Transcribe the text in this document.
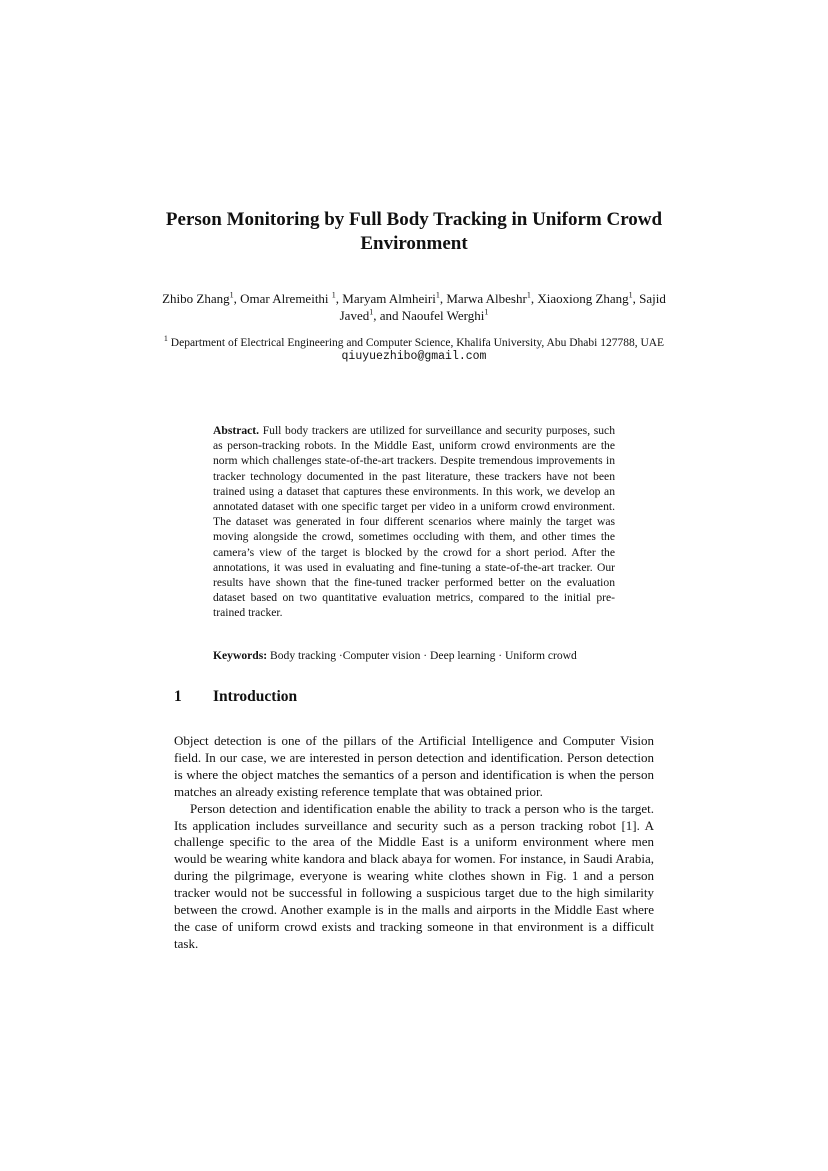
Person Monitoring by Full Body Tracking in Uniform Crowd Environment
Zhibo Zhang$^1$, Omar Alremeithi $^1$, Maryam Almheiri$^1$, Marwa Albeshr$^1$, Xiaoxiong Zhang$^1$, Sajid Javed$^1$, and Naoufel Werghi$^1$
$^1$ Department of Electrical Engineering and Computer Science, Khalifa University, Abu Dhabi 127788, UAE
qiuyuezhibo@gmail.com
Abstract. Full body trackers are utilized for surveillance and security purposes, such as person-tracking robots. In the Middle East, uniform crowd environments are the norm which challenges state-of-the-art trackers. Despite tremendous improvements in tracker technology documented in the past literature, these trackers have not been trained using a dataset that captures these environments. In this work, we develop an annotated dataset with one specific target per video in a uniform crowd environment. The dataset was generated in four different scenarios where mainly the target was moving alongside the crowd, sometimes occluding with them, and other times the camera’s view of the target is blocked by the crowd for a short period. After the annotations, it was used in evaluating and fine-tuning a state-of-the-art tracker. Our results have shown that the fine-tuned tracker performed better on the evaluation dataset based on two quantitative evaluation metrics, compared to the initial pre-trained tracker.
Keywords: Body tracking ·Computer vision · Deep learning · Uniform crowd
1 Introduction

Object detection is one of the pillars of the Artificial Intelligence and Computer Vision field. In our case, we are interested in person detection and identification. Person detection is where the object matches the semantics of a person and identification is when the person matches an already existing reference template that was obtained prior.

Person detection and identification enable the ability to track a person who is the target. Its application includes surveillance and security such as a person tracking robot [1]. A challenge specific to the area of the Middle East is a uniform environment where men would be wearing white kandora and black abaya for women. For instance, in Saudi Arabia, during the pilgrimage, everyone is wearing white clothes shown in Fig. 1 and a person tracker would not be successful in following a suspicious target due to the high similarity between the crowd. Another example is in the malls and airports in the Middle East where the case of uniform crowd exists and tracking someone in that environment is a difficult task.
